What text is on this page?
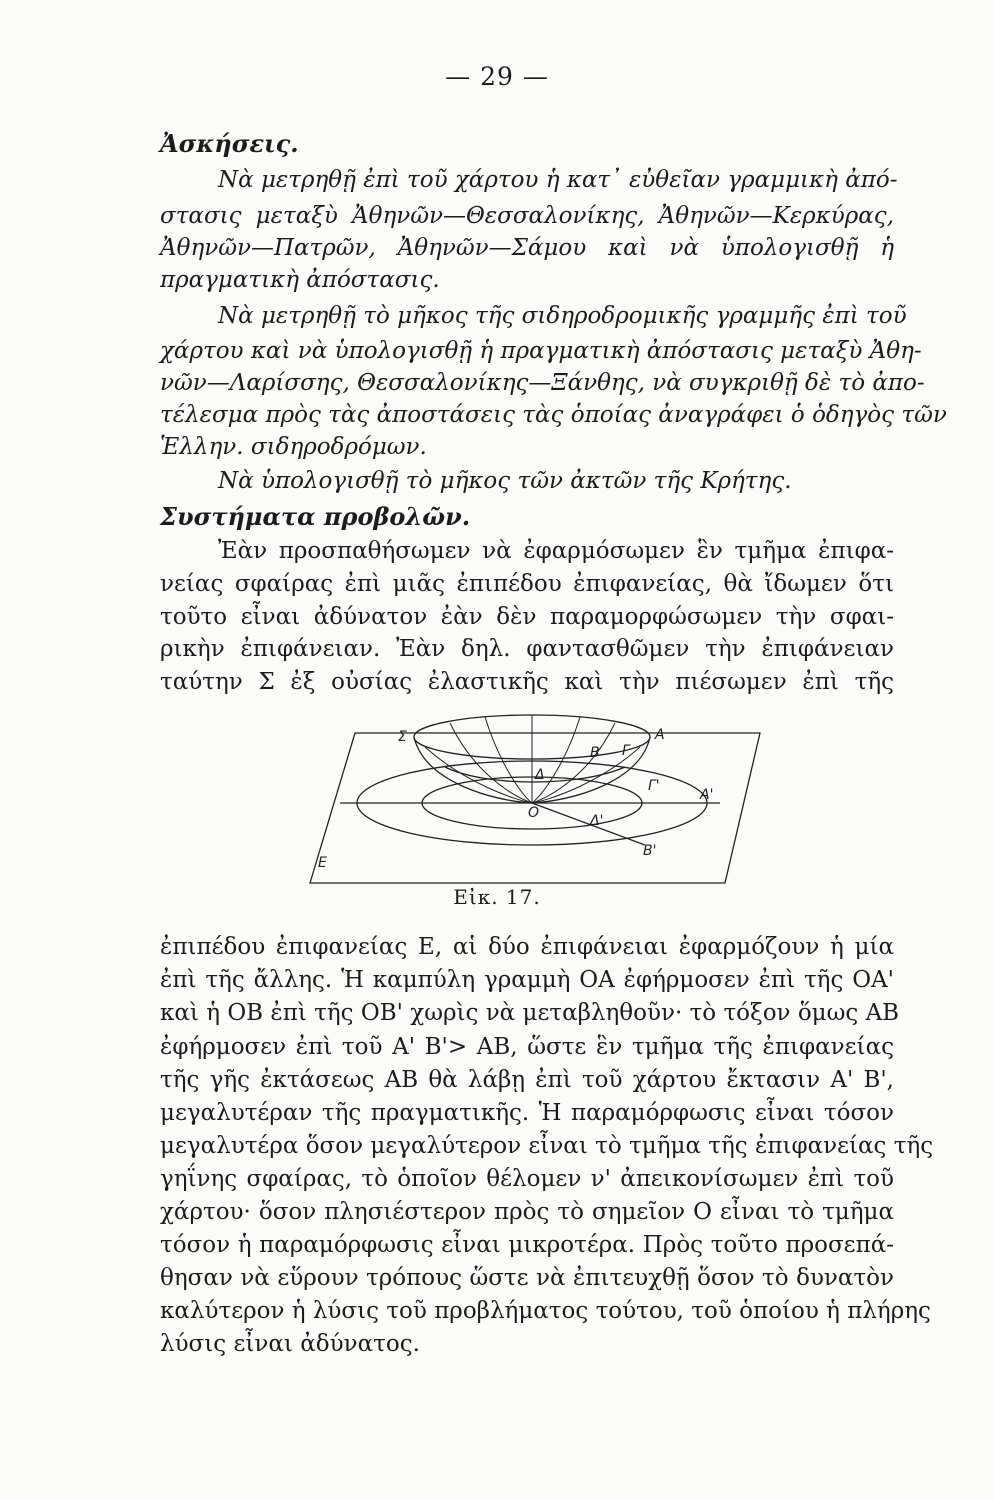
— 29 —
Ἀσκήσεις.
Νὰ μετρηθῇ ἐπὶ τοῦ χάρτου ἡ κατ᾿ εὐθεῖαν γραμμικὴ ἀπό-
στασις μεταξὺ Ἀθηνῶν—Θεσσαλονίκης, Ἀθηνῶν—Κερκύρας,
Ἀθηνῶν—Πατρῶν, Ἀθηνῶν—Σάμου καὶ νὰ ὑπολογισθῇ ἡ
πραγματικὴ ἀπόστασις.
Νὰ μετρηθῇ τὸ μῆκος τῆς σιδηροδρομικῆς γραμμῆς ἐπὶ τοῦ
χάρτου καὶ νὰ ὑπολογισθῇ ἡ πραγματικὴ ἀπόστασις μεταξὺ Ἀθη-
νῶν—Λαρίσσης, Θεσσαλονίκης—Ξάνθης, νὰ συγκριθῇ δὲ τὸ ἀπο-
τέλεσμα πρὸς τὰς ἀποστάσεις τὰς ὁποίας ἀναγράφει ὁ ὁδηγὸς τῶν
Ἑλλην. σιδηροδρόμων.
Νὰ ὑπολογισθῇ τὸ μῆκος τῶν ἀκτῶν τῆς Κρήτης.
Συστήματα προβολῶν.
Ἐὰν προσπαθήσωμεν νὰ ἐφαρμόσωμεν ἓν τμῆμα ἐπιφα-
νείας σφαίρας ἐπὶ μιᾶς ἐπιπέδου ἐπιφανείας, θὰ ἴδωμεν ὅτι
τοῦτο εἶναι ἀδύνατον ἐὰν δὲν παραμορφώσωμεν τὴν σφαι-
ρικὴν ἐπιφάνειαν. Ἐὰν δηλ. φαντασθῶμεν τὴν ἐπιφάνειαν
ταύτην Σ ἐξ οὐσίας ἐλαστικῆς καὶ τὴν πιέσωμεν ἐπὶ τῆς
Σ	A
B Γ
Δ
O
Γ'
A'
Δ'
B'
E
Εἰκ. 17.
ἐπιπέδου ἐπιφανείας Ε, αἱ δύο ἐπιφάνειαι ἐφαρμόζουν ἡ μία
ἐπὶ τῆς ἄλλης. Ἡ καμπύλη γραμμὴ ΟΑ ἐφήρμοσεν ἐπὶ τῆς ΟΑ'
καὶ ἡ ΟΒ ἐπὶ τῆς ΟΒ' χωρὶς νὰ μεταβληθοῦν· τὸ τόξον ὅμως ΑΒ
ἐφήρμοσεν ἐπὶ τοῦ Α' Β'> ΑΒ, ὥστε ἓν τμῆμα τῆς ἐπιφανείας
τῆς γῆς ἐκτάσεως ΑΒ θὰ λάβῃ ἐπὶ τοῦ χάρτου ἔκτασιν Α' Β',
μεγαλυτέραν τῆς πραγματικῆς. Ἡ παραμόρφωσις εἶναι τόσον
μεγαλυτέρα ὅσον μεγαλύτερον εἶναι τὸ τμῆμα τῆς ἐπιφανείας τῆς
γηΐνης σφαίρας, τὸ ὁποῖον θέλομεν ν' ἀπεικονίσωμεν ἐπὶ τοῦ
χάρτου· ὅσον πλησιέστερον πρὸς τὸ σημεῖον Ο εἶναι τὸ τμῆμα
τόσον ἡ παραμόρφωσις εἶναι μικροτέρα. Πρὸς τοῦτο προσεπά-
θησαν νὰ εὕρουν τρόπους ὥστε νὰ ἐπιτευχθῇ ὅσον τὸ δυνατὸν
καλύτερον ἡ λύσις τοῦ προβλήματος τούτου, τοῦ ὁποίου ἡ πλήρης
λύσις εἶναι ἀδύνατος.
